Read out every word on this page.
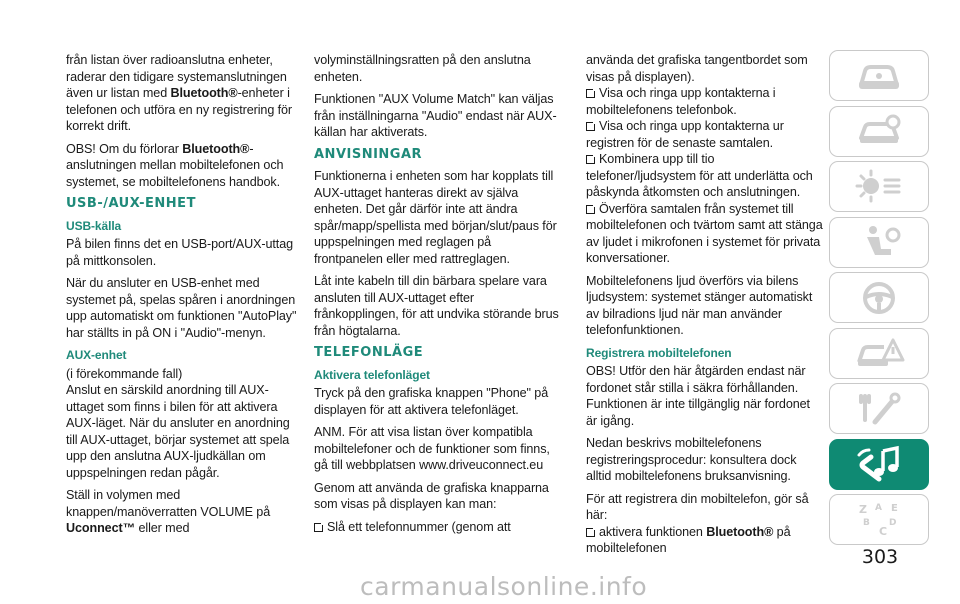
från listan över radioanslutna enheter, raderar den tidigare systemanslutningen även ur listan med Bluetooth®-enheter i telefonen och utföra en ny registrering för korrekt drift.

OBS! Om du förlorar Bluetooth®-anslutningen mellan mobiltelefonen och systemet, se mobiltelefonens handbok.

USB-/AUX-ENHET
USB-källa

På bilen finns det en USB-port/AUX-uttag på mittkonsolen.

När du ansluter en USB-enhet med systemet på, spelas spåren i anordningen upp automatiskt om funktionen "AutoPlay" har ställts in på ON i "Audio"-menyn.

AUX-enhet

(i förekommande fall)

Anslut en särskild anordning till AUX-uttaget som finns i bilen för att aktivera AUX-läget. När du ansluter en anordning till AUX-uttaget, börjar systemet att spela upp den anslutna AUX-ljudkällan om uppspelningen redan pågår.

Ställ in volymen med knappen/manöverratten VOLUME på Uconnect™ eller med

volyminställningsratten på den anslutna enheten.

Funktionen "AUX Volume Match" kan väljas från inställningarna "Audio" endast när AUX-källan har aktiverats.

ANVISNINGAR

Funktionerna i enheten som har kopplats till AUX-uttaget hanteras direkt av själva enheten. Det går därför inte att ändra spår/mapp/spellista med början/slut/paus för uppspelningen med reglagen på frontpanelen eller med rattreglagen.

Låt inte kabeln till din bärbara spelare vara ansluten till AUX-uttaget efter frånkopplingen, för att undvika störande brus från högtalarna.

TELEFONLÄGE
Aktivera telefonläget

Tryck på den grafiska knappen "Phone" på displayen för att aktivera telefonläget.

ANM. För att visa listan över kompatibla mobiltelefoner och de funktioner som finns, gå till webbplatsen www.driveuconnect.eu

Genom att använda de grafiska knapparna som visas på displayen kan man:

Slå ett telefonnummer (genom att

använda det grafiska tangentbordet som visas på displayen).

Visa och ringa upp kontakterna i mobiltelefonens telefonbok.

Visa och ringa upp kontakterna ur registren för de senaste samtalen.

Kombinera upp till tio telefoner/ljudsystem för att underlätta och påskynda åtkomsten och anslutningen.

Överföra samtalen från systemet till mobiltelefonen och tvärtom samt att stänga av ljudet i mikrofonen i systemet för privata konversationer.

Mobiltelefonens ljud överförs via bilens ljudsystem: systemet stänger automatiskt av bilradions ljud när man använder telefonfunktionen.

Registrera mobiltelefonen

OBS! Utför den här åtgärden endast när fordonet står stilla i säkra förhållanden. Funktionen är inte tillgänglig när fordonet är igång.

Nedan beskrivs mobiltelefonens registreringsprocedur: konsultera dock alltid mobiltelefonens bruksanvisning.

För att registrera din mobiltelefon, gör så här:

aktivera funktionen Bluetooth® på mobiltelefonen

Z A
B
C
D
E
303
carmanualsonline.info
